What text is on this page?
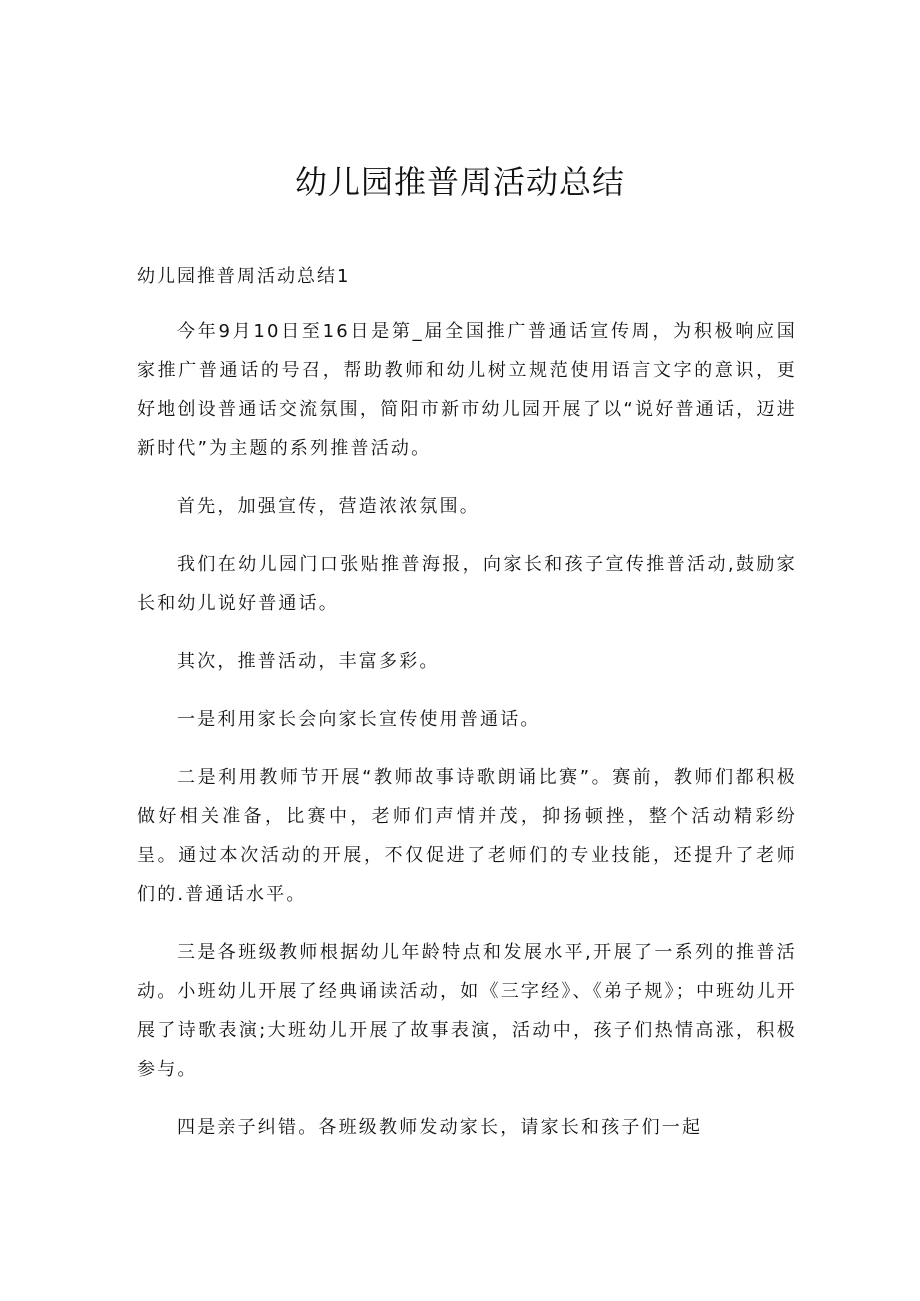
幼儿园推普周活动总结

幼儿园推普周活动总结1

今年9月10日至16日是第_届全国推广普通话宣传周，为积极响应国家推广普通话的号召，帮助教师和幼儿树立规范使用语言文字的意识，更好地创设普通话交流氛围，简阳市新市幼儿园开展了以“说好普通话，迈进新时代”为主题的系列推普活动。

首先，加强宣传，营造浓浓氛围。

我们在幼儿园门口张贴推普海报，向家长和孩子宣传推普活动,鼓励家长和幼儿说好普通话。

其次，推普活动，丰富多彩。

一是利用家长会向家长宣传使用普通话。

二是利用教师节开展“教师故事诗歌朗诵比赛”。赛前，教师们都积极做好相关准备，比赛中，老师们声情并茂，抑扬顿挫，整个活动精彩纷呈。通过本次活动的开展，不仅促进了老师们的专业技能，还提升了老师们的.普通话水平。

三是各班级教师根据幼儿年龄特点和发展水平,开展了一系列的推普活动。小班幼儿开展了经典诵读活动，如《三字经》、《弟子规》；中班幼儿开展了诗歌表演;大班幼儿开展了故事表演，活动中，孩子们热情高涨，积极参与。

四是亲子纠错。各班级教师发动家长，请家长和孩子们一起
